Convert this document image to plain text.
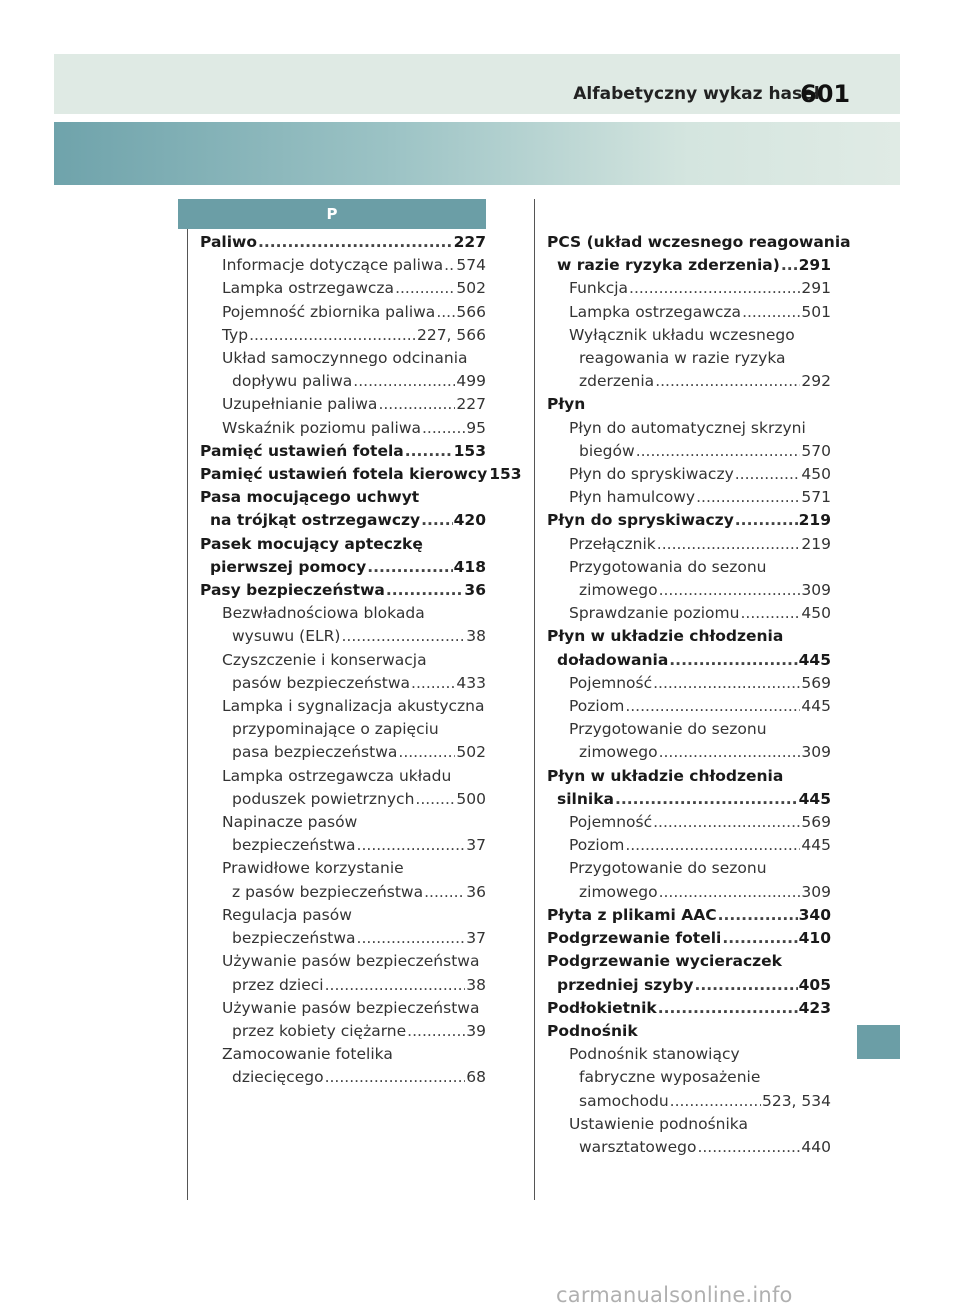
Alfabetyczny wykaz haseł
601
P
Paliwo .....	227
Informacje dotyczące paliwa ..... 574
Lampka ostrzegawcza .....	502
Pojemność zbiornika paliwa ..... 566
Typ .....	227, 566
Układ samoczynnego odcinania
dopływu paliwa .....	499
Uzupełnianie paliwa .....	227
Wskaźnik poziomu paliwa .....	95
Pamięć ustawień fotela .....	153
Pamięć ustawień fotela kierowcy 153
Pasa mocującego uchwyt
na trójkąt ostrzegawczy ..... 420
Pasek mocujący apteczkę
pierwszej pomocy .....	418
Pasy bezpieczeństwa .....	36
Bezwładnościowa blokada
wysuwu (ELR) .....	38
Czyszczenie i konserwacja
pasów bezpieczeństwa .....	433
Lampka i sygnalizacja akustyczna
przypominające o zapięciu
pasa bezpieczeństwa .....	502
Lampka ostrzegawcza układu
poduszek powietrznych .....	500
Napinacze pasów
bezpieczeństwa .....	37
Prawidłowe korzystanie
z pasów bezpieczeństwa .....	36
Regulacja pasów
bezpieczeństwa .....	37
Używanie pasów bezpieczeństwa
przez dzieci .....	38
Używanie pasów bezpieczeństwa
przez kobiety ciężarne .....	39
Zamocowanie fotelika
dziecięcego .....	68
PCS (układ wczesnego reagowania
w razie ryzyka zderzenia) ..... 291
Funkcja .....	291
Lampka ostrzegawcza .....	501
Wyłącznik układu wczesnego
reagowania w razie ryzyka
zderzenia .....	292
Płyn
Płyn do automatycznej skrzyni
biegów .....	570
Płyn do spryskiwaczy .....	450
Płyn hamulcowy .....	571
Płyn do spryskiwaczy .....	219
Przełącznik .....	219
Przygotowania do sezonu
zimowego .....	309
Sprawdzanie poziomu .....	450
Płyn w układzie chłodzenia
doładowania .....	445
Pojemność .....	569
Poziom .....	445
Przygotowanie do sezonu
zimowego .....	309
Płyn w układzie chłodzenia
silnika .....	445
Pojemność .....	569
Poziom .....	445
Przygotowanie do sezonu
zimowego .....	309
Płyta z plikami AAC .....	340
Podgrzewanie foteli .....	410
Podgrzewanie wycieraczek
przedniej szyby .....	405
Podłokietnik .....	423
Podnośnik
Podnośnik stanowiący
fabryczne wyposażenie
samochodu .....	523, 534
Ustawienie podnośnika
warsztatowego .....	440
carmanualsonline.info
